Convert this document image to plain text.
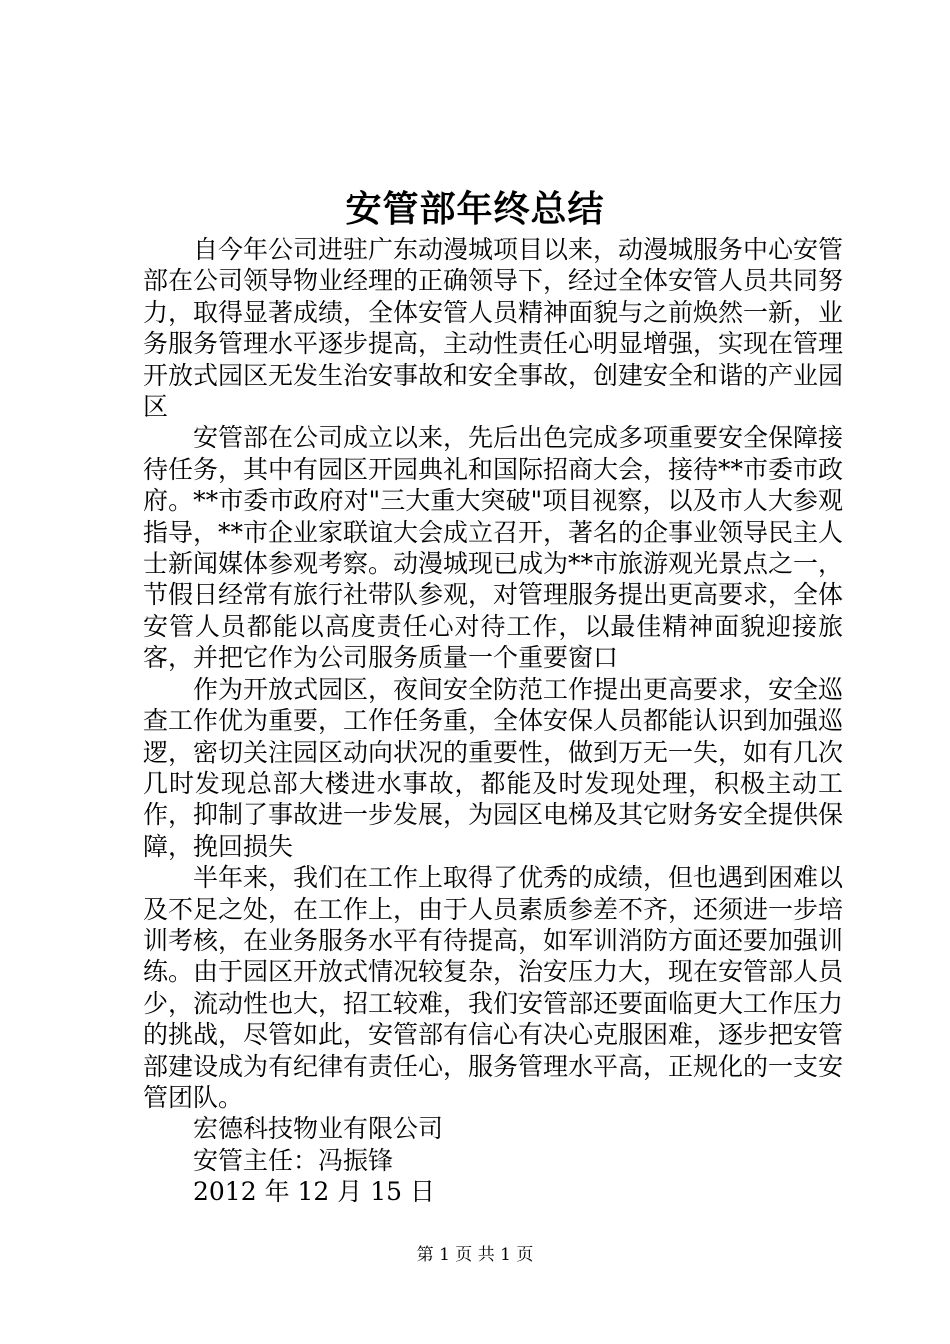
安管部年终总结

自今年公司进驻广东动漫城项目以来，动漫城服务中心安管部在公司领导物业经理的正确领导下，经过全体安管人员共同努力，取得显著成绩，全体安管人员精神面貌与之前焕然一新，业务服务管理水平逐步提高，主动性责任心明显增强，实现在管理开放式园区无发生治安事故和安全事故，创建安全和谐的产业园区

安管部在公司成立以来，先后出色完成多项重要安全保障接待任务，其中有园区开园典礼和国际招商大会，接待**市委市政府。**市委市政府对"三大重大突破"项目视察，以及市人大参观指导，**市企业家联谊大会成立召开，著名的企事业领导民主人士新闻媒体参观考察。动漫城现已成为**市旅游观光景点之一，节假日经常有旅行社带队参观，对管理服务提出更高要求，全体安管人员都能以高度责任心对待工作，以最佳精神面貌迎接旅客，并把它作为公司服务质量一个重要窗口

作为开放式园区，夜间安全防范工作提出更高要求，安全巡查工作优为重要，工作任务重，全体安保人员都能认识到加强巡逻，密切关注园区动向状况的重要性，做到万无一失，如有几次几时发现总部大楼进水事故，都能及时发现处理，积极主动工作，抑制了事故进一步发展，为园区电梯及其它财务安全提供保障，挽回损失

半年来，我们在工作上取得了优秀的成绩，但也遇到困难以及不足之处，在工作上，由于人员素质参差不齐，还须进一步培训考核，在业务服务水平有待提高，如军训消防方面还要加强训练。由于园区开放式情况较复杂，治安压力大，现在安管部人员少，流动性也大，招工较难，我们安管部还要面临更大工作压力的挑战，尽管如此，安管部有信心有决心克服困难，逐步把安管部建设成为有纪律有责任心，服务管理水平高，正规化的一支安管团队。

宏德科技物业有限公司
安管主任：冯振锋
2012 年 12 月 15 日
第 1 页 共 1 页
